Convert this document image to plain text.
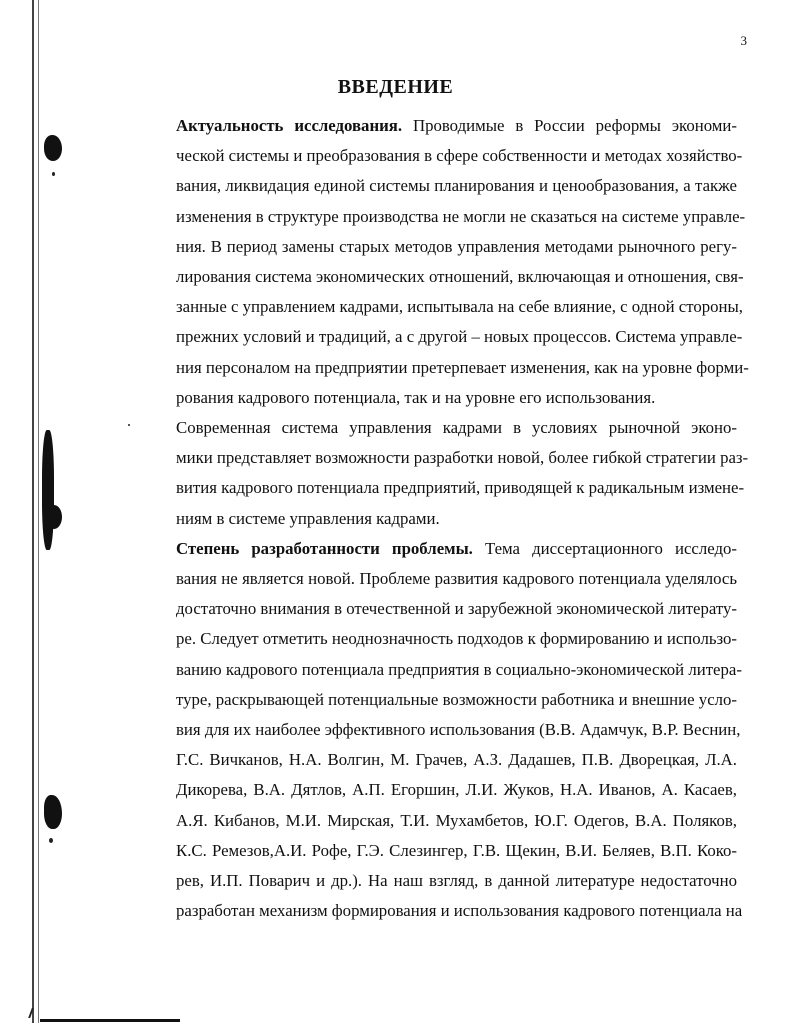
3
ВВЕДЕНИЕ

Актуальность исследования. Проводимые в России реформы экономи-
ческой системы и преобразования в сфере собственности и методах хозяйство-
вания, ликвидация единой системы планирования и ценообразования, а также
изменения в структуре производства не могли не сказаться на системе управле-
ния. В период замены старых методов управления методами рыночного регу-
лирования система экономических отношений, включающая и отношения, свя-
занные с управлением кадрами, испытывала на себе влияние, с одной стороны,
прежних условий и традиций, а с другой – новых процессов. Система управле-
ния персоналом на предприятии претерпевает изменения, как на уровне форми-
рования кадрового потенциала, так и на уровне его использования.

Современная система управления кадрами в условиях рыночной эконо-
мики представляет возможности разработки новой, более гибкой стратегии раз-
вития кадрового потенциала предприятий, приводящей к радикальным измене-
ниям в системе управления кадрами.

Степень разработанности проблемы. Тема диссертационного исследо-
вания не является новой. Проблеме развития кадрового потенциала уделялось
достаточно внимания в отечественной и зарубежной экономической литерату-
ре. Следует отметить неоднозначность подходов к формированию и использо-
ванию кадрового потенциала предприятия в социально-экономической литера-
туре, раскрывающей потенциальные возможности работника и внешние усло-
вия для их наиболее эффективного использования (В.В. Адамчук, В.Р. Веснин,
Г.С. Вичканов, Н.А. Волгин, М. Грачев, А.З. Дадашев, П.В. Дворецкая, Л.А.
Дикорева, В.А. Дятлов, А.П. Егоршин, Л.И. Жуков, Н.А. Иванов, А. Касаев,
А.Я. Кибанов, М.И. Мирская, Т.И. Мухамбетов, Ю.Г. Одегов, В.А. Поляков,
К.С. Ремезов,А.И. Рофе, Г.Э. Слезингер, Г.В. Щекин, В.И. Беляев, В.П. Коко-
рев, И.П. Поварич и др.). На наш взгляд, в данной литературе недостаточно
разработан механизм формирования и использования кадрового потенциала на
